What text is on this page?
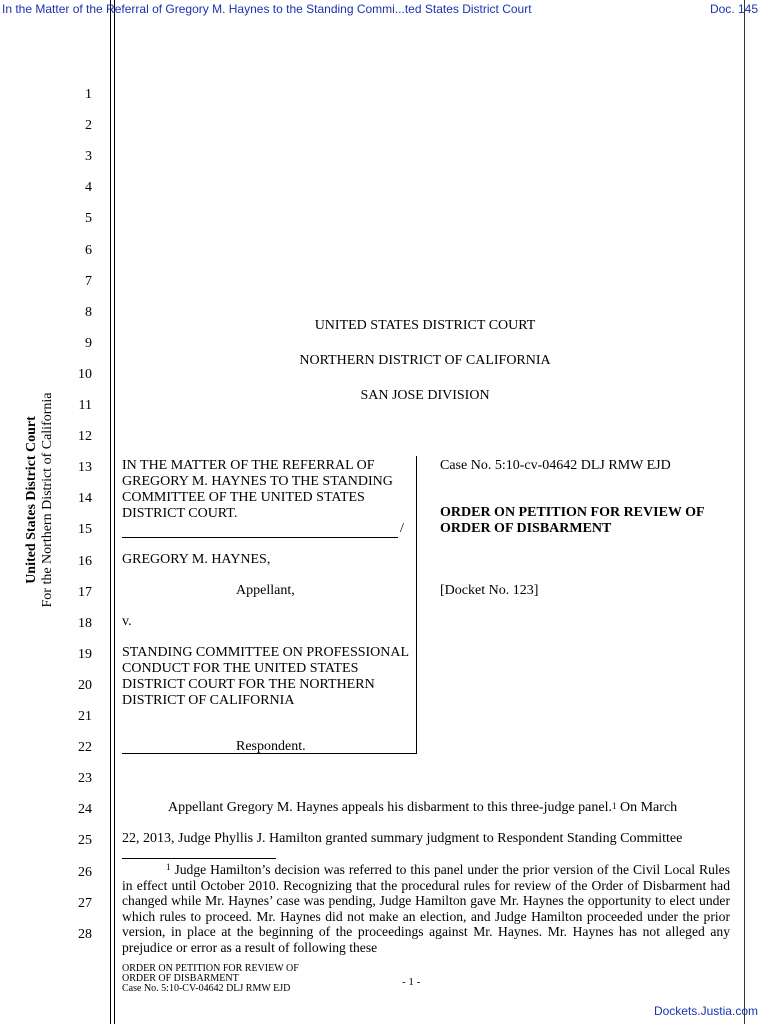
In the Matter of the Referral of Gregory M. Haynes to the Standing Commi...ted States District Court	Doc. 145
United States District Court For the Northern District of California
1
2
3
4
5
6
7
8
9
10
11
12
13
14
15
16
17
18
19
20
21
22
23
24
25
26
27
28
UNITED STATES DISTRICT COURT
NORTHERN DISTRICT OF CALIFORNIA
SAN JOSE DIVISION
IN THE MATTER OF THE REFERRAL OF GREGORY M. HAYNES TO THE STANDING COMMITTEE OF THE UNITED STATES DISTRICT COURT.
/
GREGORY M. HAYNES,
Appellant,
v.
STANDING COMMITTEE ON PROFESSIONAL CONDUCT FOR THE UNITED STATES DISTRICT COURT FOR THE NORTHERN DISTRICT OF CALIFORNIA
Respondent.
Case No. 5:10-cv-04642 DLJ RMW EJD
ORDER ON PETITION FOR REVIEW OF ORDER OF DISBARMENT
[Docket No. 123]
Appellant Gregory M. Haynes appeals his disbarment to this three-judge panel.$^1$ On March
22, 2013, Judge Phyllis J. Hamilton granted summary judgment to Respondent Standing Committee
$^1$ Judge Hamilton’s decision was referred to this panel under the prior version of the Civil Local Rules in effect until October 2010. Recognizing that the procedural rules for review of the Order of Disbarment had changed while Mr. Haynes’ case was pending, Judge Hamilton gave Mr. Haynes the opportunity to elect under which rules to proceed. Mr. Haynes did not make an election, and Judge Hamilton proceeded under the prior version, in place at the beginning of the proceedings against Mr. Haynes. Mr. Haynes has not alleged any prejudice or error as a result of following these
ORDER ON PETITION FOR REVIEW OF
ORDER OF DISBARMENT
Case No. 5:10-CV-04642 DLJ RMW EJD
- 1 -
Dockets.Justia.com
